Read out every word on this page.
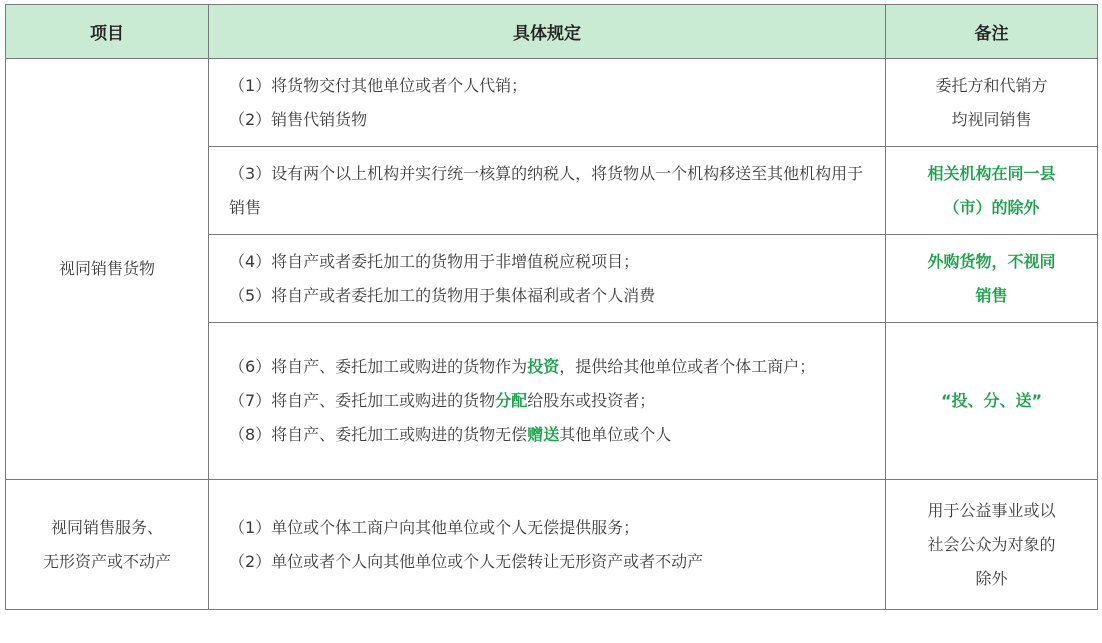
项目	具体规定	备注
视同销售货物	（1）将货物交付其他单位或者个人代销；
（2）销售代销货物	委托方和代销方
均视同销售

	（3）设有两个以上机构并实行统一核算的纳税人，将货物从一个机构移送至其他机构用于销售	相关机构在同一县
（市）的除外

	（4）将自产或者委托加工的货物用于非增值税应税项目；
（5）将自产或者委托加工的货物用于集体福利或者个人消费	外购货物，不视同
销售

	（6）将自产、委托加工或购进的货物作为投资，提供给其他单位或者个体工商户；
（7）将自产、委托加工或购进的货物分配给股东或投资者；
（8）将自产、委托加工或购进的货物无偿赠送其他单位或个人	“投、分、送”

视同销售服务、
无形资产或不动产	（1）单位或个体工商户向其他单位或个人无偿提供服务；
（2）单位或者个人向其他单位或个人无偿转让无形资产或者不动产	用于公益事业或以
社会公众为对象的
除外
